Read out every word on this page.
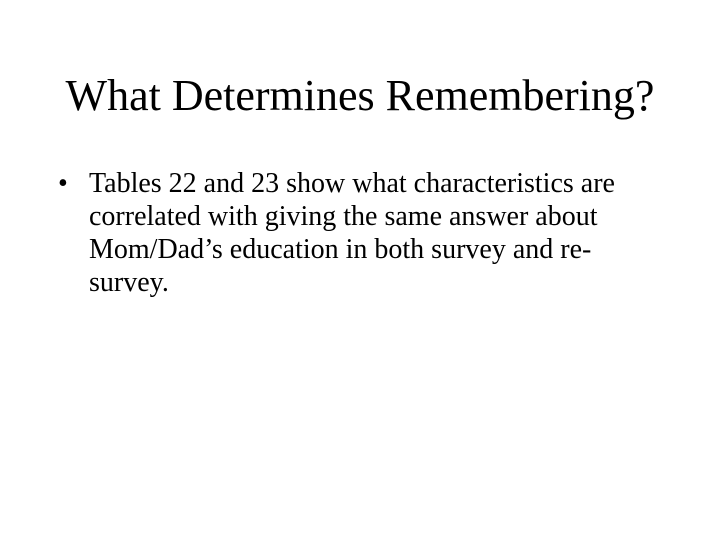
What Determines Remembering?
• Tables 22 and 23 show what characteristics are correlated with giving the same answer about Mom/Dad’s education in both survey and re-survey.
